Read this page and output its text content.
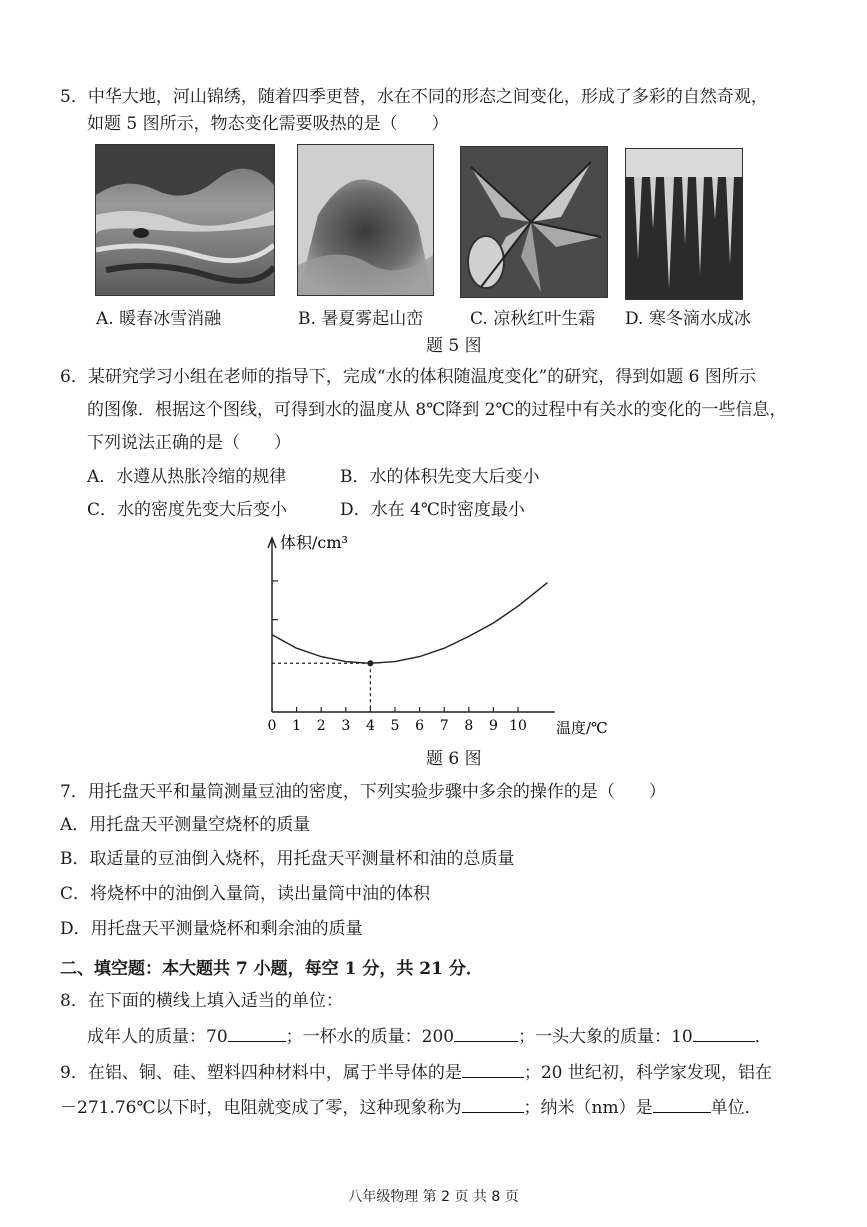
5．中华大地，河山锦绣，随着四季更替，水在不同的形态之间变化，形成了多彩的自然奇观，
如题 5 图所示，物态变化需要吸热的是（　　）
A. 暖春冰雪消融	B. 暑夏雾起山峦	C. 凉秋红叶生霜 D. 寒冬滴水成冰
题 5 图
6．某研究学习小组在老师的指导下，完成“水的体积随温度变化”的研究，得到如题 6 图所示
的图像．根据这个图线，可得到水的温度从 8℃降到 2℃的过程中有关水的变化的一些信息，
下列说法正确的是（　　）
A．水遵从热胀冷缩的规律	B．水的体积先变大后变小
C．水的密度先变大后变小	D．水在 4℃时密度最小
0 1 2 3 4 5 6 7 8 9 10
体积/cm³
温度/℃
题 6 图
7．用托盘天平和量筒测量豆油的密度，下列实验步骤中多余的操作的是（　　）
A．用托盘天平测量空烧杯的质量
B．取适量的豆油倒入烧杯，用托盘天平测量杯和油的总质量
C．将烧杯中的油倒入量筒，读出量筒中油的体积
D．用托盘天平测量烧杯和剩余油的质量
二、填空题：本大题共 7 小题，每空 1 分，共 21 分．
8．在下面的横线上填入适当的单位：
成年人的质量：70	；一杯水的质量：200	；一头大象的质量：10	．
9．在铝、铜、硅、塑料四种材料中，属于半导体的是	；20 世纪初，科学家发现，铝在
－271.76℃以下时，电阻就变成了零，这种现象称为	；纳米（nm）是	单位．
八年级物理 第 2 页 共 8 页
